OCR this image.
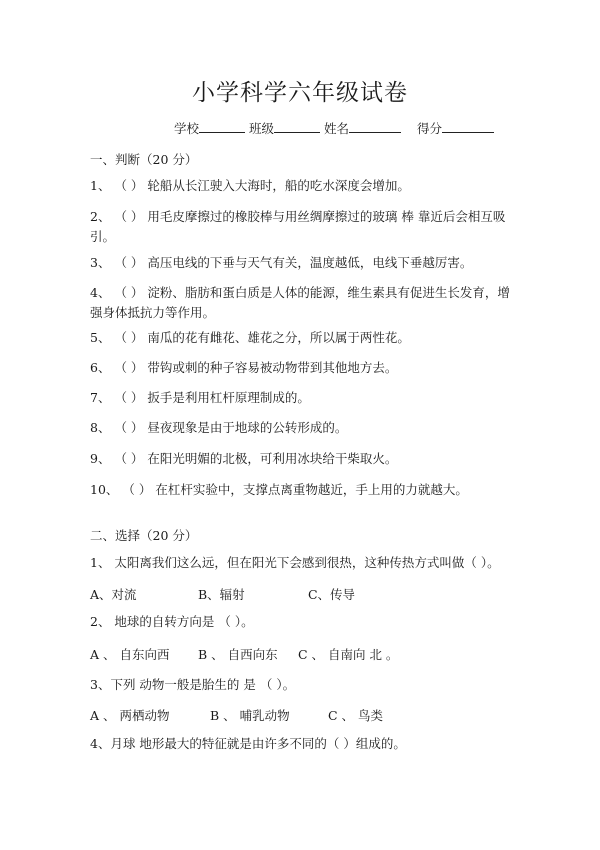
小学科学六年级试卷
学校	班级	姓名	得分
一、判断（20 分）
1、 （ ） 轮船从长江驶入大海时，船的吃水深度会增加。
2、 （ ） 用毛皮摩擦过的橡胶棒与用丝绸摩擦过的玻璃 棒 靠近后会相互吸引。
3、 （ ） 高压电线的下垂与天气有关，温度越低，电线下垂越厉害。
4、 （ ） 淀粉、脂肪和蛋白质是人体的能源，维生素具有促进生长发育，增强身体抵抗力等作用。
5、 （ ） 南瓜的花有雌花、雄花之分，所以属于两性花。
6、 （ ） 带钩或刺的种子容易被动物带到其他地方去。
7、 （ ） 扳手是利用杠杆原理制成的。
8、 （ ） 昼夜现象是由于地球的公转形成的。
9、 （ ） 在阳光明媚的北极，可利用冰块给干柴取火。
10、 （ ） 在杠杆实验中，支撑点离重物越近，手上用的力就越大。
二、选择（20 分）
1、 太阳离我们这么远，但在阳光下会感到很热，这种传热方式叫做（ ）。
A、对流	B、辐射	C、传导
2、 地球的自转方向是 （ ）。
A 、 自东向西 B 、 自西向东 C 、 自南向 北 。
3、下列 动物一般是胎生的 是 （ ）。
A 、 两栖动物	B 、 哺乳动物	C 、 鸟类
4、月球 地形最大的特征就是由许多不同的（ ）组成的。
